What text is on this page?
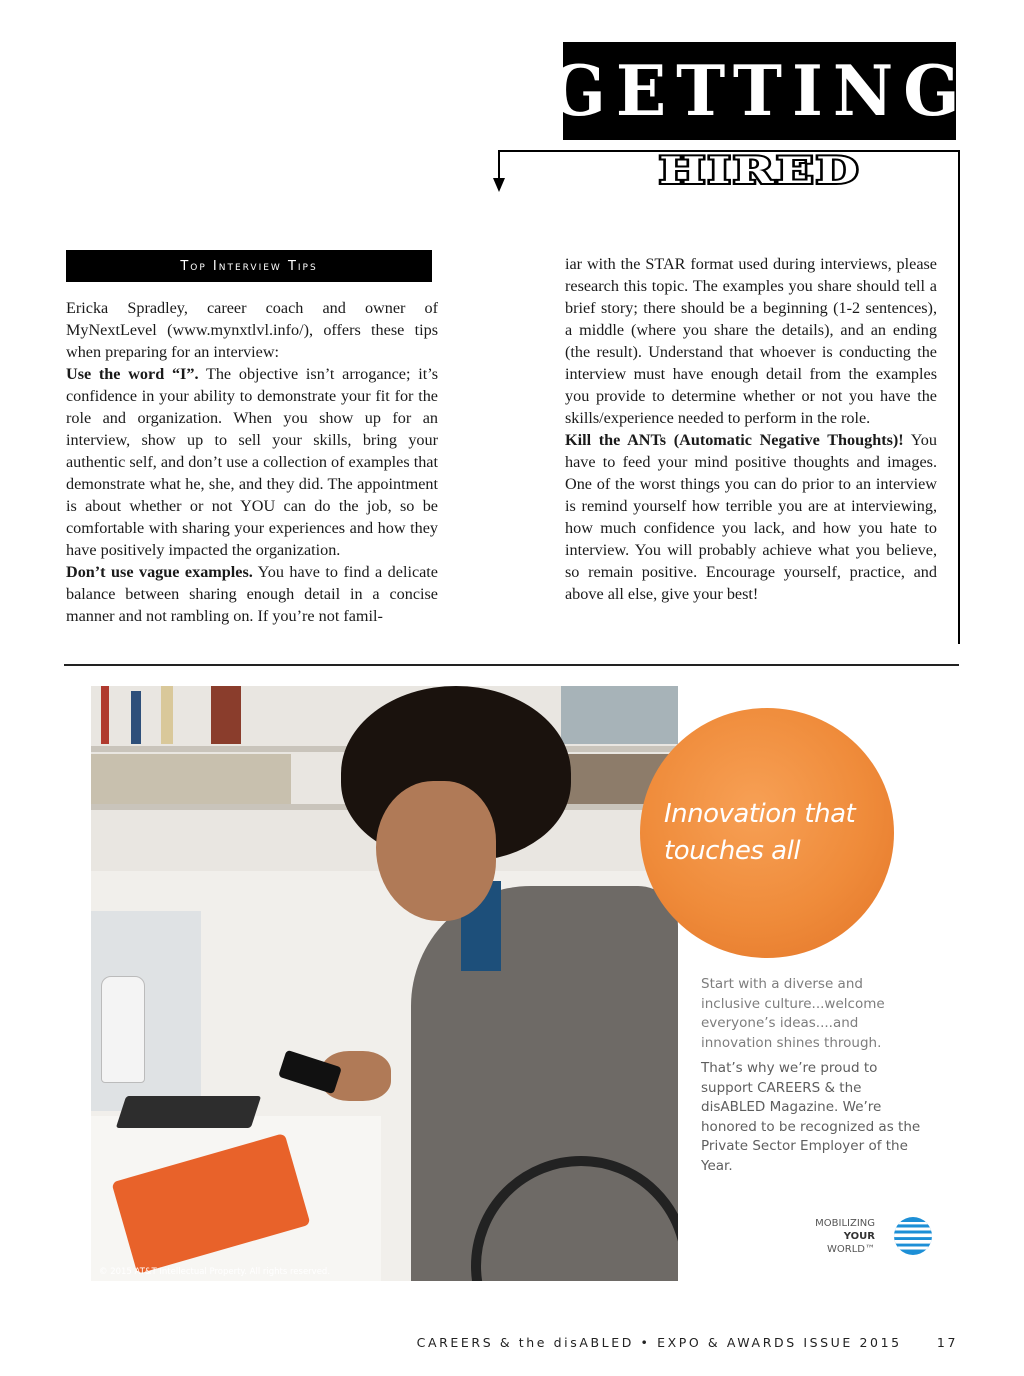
GETTING
HIRED
Top Interview Tips

Ericka Spradley, career coach and owner of MyNextLevel (www.mynxtlvl.info/), offers these tips when preparing for an interview:

Use the word “I”. The objective isn’t arrogance; it’s confidence in your ability to demonstrate your fit for the role and organization. When you show up for an interview, show up to sell your skills, bring your authentic self, and don’t use a collection of examples that demonstrate what he, she, and they did. The appointment is about whether or not YOU can do the job, so be comfortable with sharing your experiences and how they have positively impacted the organization.

Don’t use vague examples. You have to find a delicate balance between sharing enough detail in a concise manner and not rambling on. If you’re not famil-

iar with the STAR format used during interviews, please research this topic. The examples you share should tell a brief story; there should be a beginning (1-2 sentences), a middle (where you share the details), and an ending (the result). Understand that whoever is conducting the interview must have enough detail from the examples you provide to determine whether or not you have the skills/experience needed to perform in the role.

Kill the ANTs (Automatic Negative Thoughts)! You have to feed your mind positive thoughts and images. One of the worst things you can do prior to an interview is remind yourself how terrible you are at interviewing, how much confidence you lack, and how you hate to interview. You will probably achieve what you believe, so remain positive. Encourage yourself, practice, and above all else, give your best!

© 2015 AT&T Intellectual Property. All rights reserved.
Innovation that
touches all
Start with a diverse and inclusive culture...welcome everyone’s ideas....and innovation shines through.
That’s why we’re proud to support CAREERS & the disABLED Magazine. We’re honored to be recognized as the Private Sector Employer of the Year.
MOBILIZING
YOUR
WORLD™
CAREERS & the disABLED • EXPO & AWARDS ISSUE 2015	17
